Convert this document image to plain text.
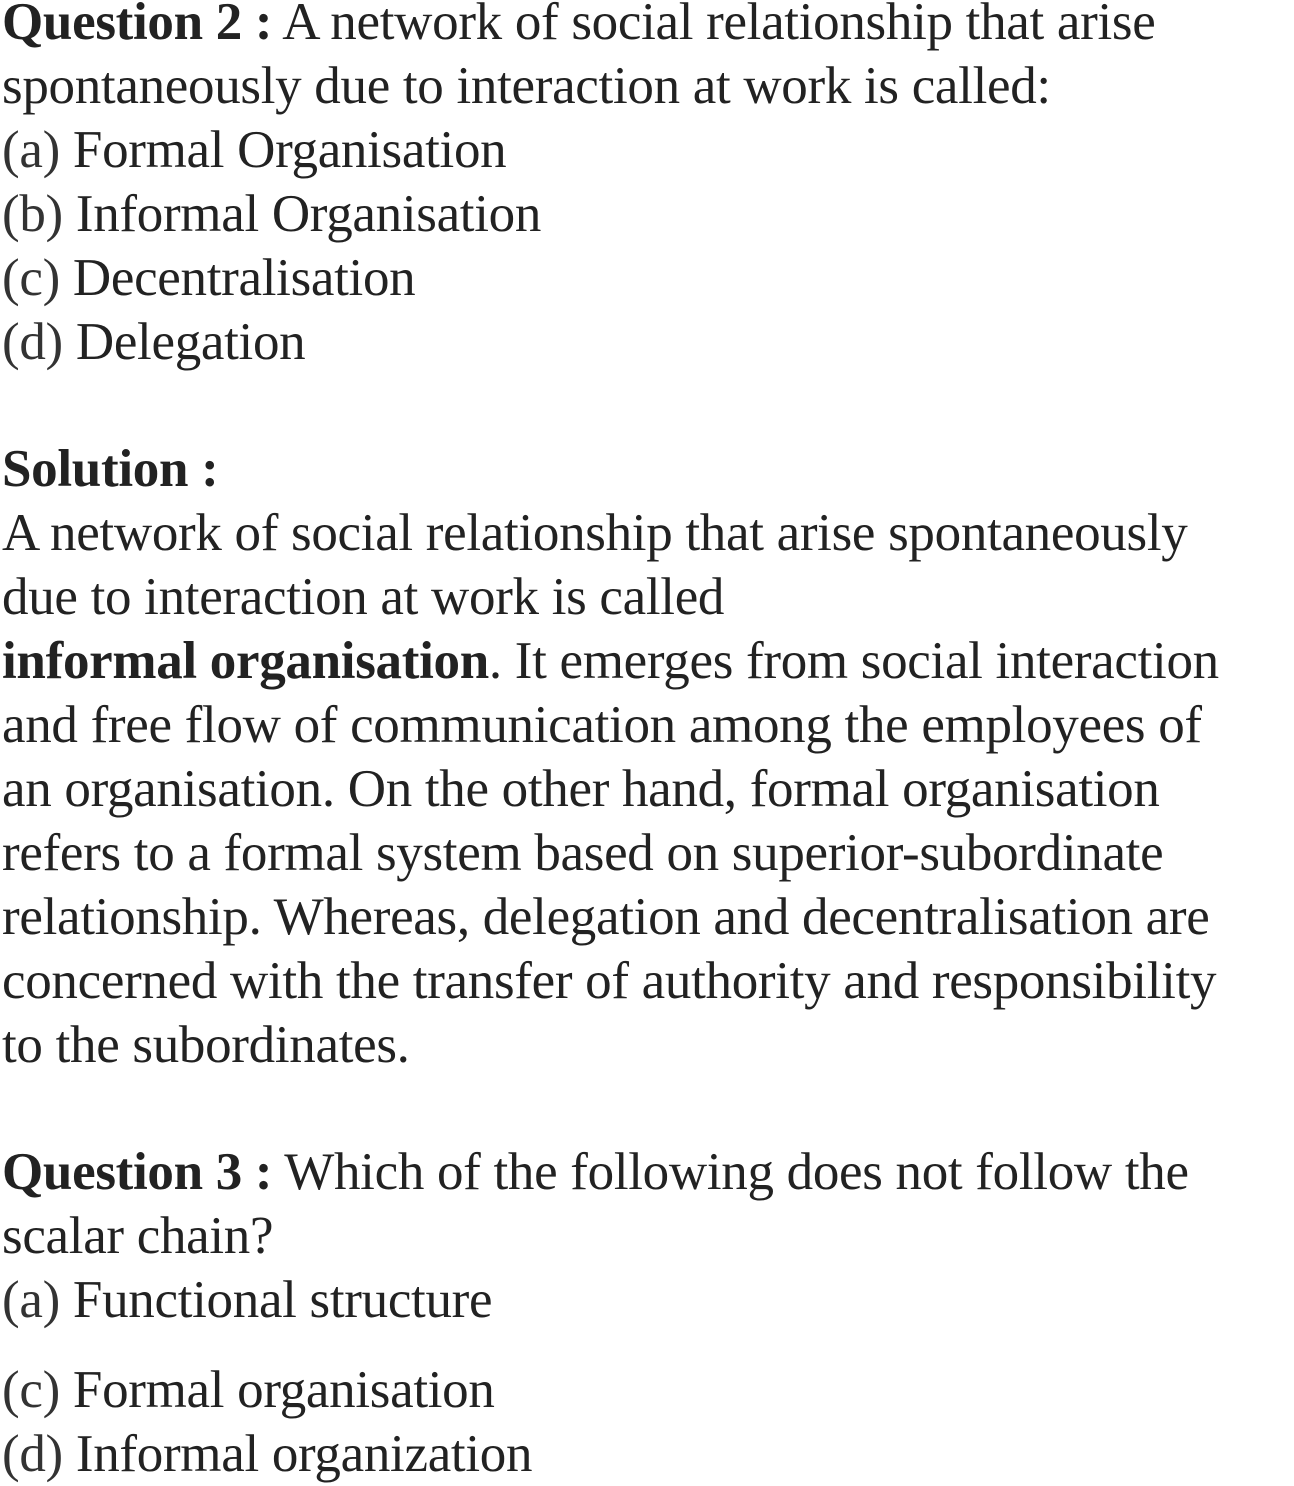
Question 2 : A network of social relationship that arise
spontaneously due to interaction at work is called:
(a) Formal Organisation
(b) Informal Organisation
(c) Decentralisation
(d) Delegation
Solution :
A network of social relationship that arise spontaneously
due to interaction at work is called
informal organisation. It emerges from social interaction
and free flow of communication among the employees of
an organisation. On the other hand, formal organisation
refers to a formal system based on superior-subordinate
relationship. Whereas, delegation and decentralisation are
concerned with the transfer of authority and responsibility
to the subordinates.
Question 3 : Which of the following does not follow the
scalar chain?
(a) Functional structure
(c) Formal organisation
(d) Informal organization
